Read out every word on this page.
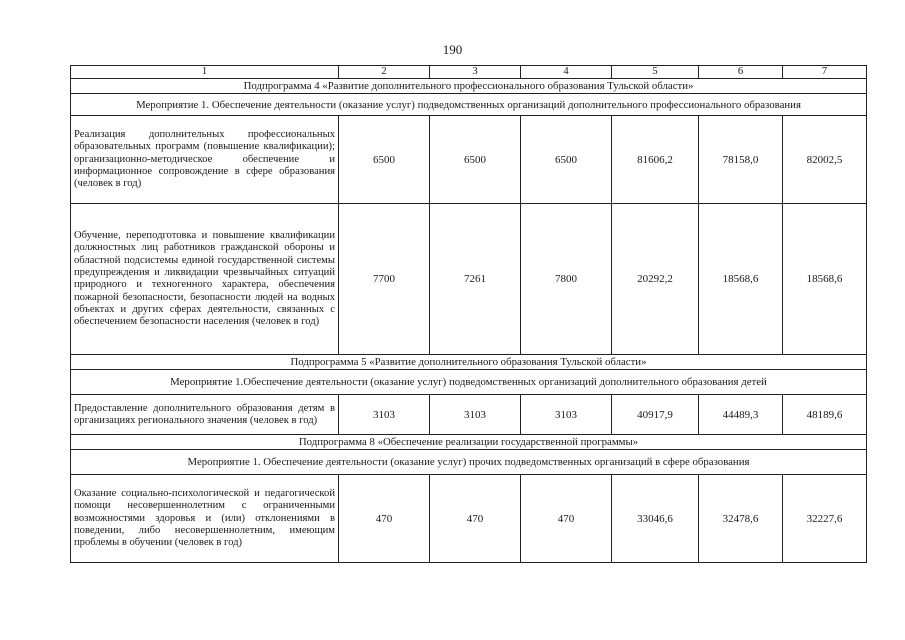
190
1	2	3	4	5	6	7
Подпрограмма 4 «Развитие дополнительного профессионального образования Тульской области»						
Мероприятие 1. Обеспечение деятельности (оказание услуг) подведомственных организаций дополнительного профессионального образования						
Реализация дополнительных профессиональных образовательных программ (повышение квалификации); организационно-методическое обеспечение и информационное сопровождение в сфере образования (человек в год)	6500	6500	6500	81606,2	78158,0	82002,5
Обучение, переподготовка и повышение квалификации должностных лиц работников гражданской обороны и областной подсистемы единой государственной системы предупреждения и ликвидации чрезвычайных ситуаций природного и техногенного характера, обеспечения пожарной безопасности, безопасности людей на водных объектах и других сферах деятельности, связанных с обеспечением безопасности населения (человек в год)	7700	7261	7800	20292,2	18568,6	18568,6
Подпрограмма 5 «Развитие дополнительного образования Тульской области»						
Мероприятие 1.Обеспечение деятельности (оказание услуг) подведомственных организаций дополнительного образования детей						
Предоставление дополнительного образования детям в организациях регионального значения (человек в год)	3103	3103	3103	40917,9	44489,3	48189,6
Подпрограмма 8 «Обеспечение реализации государственной программы»						
Мероприятие 1. Обеспечение деятельности (оказание услуг) прочих подведомственных организаций в сфере образования						
Оказание социально-психологической и педагогической помощи несовершеннолетним с ограниченными возможностями здоровья и (или) отклонениями в поведении, либо несовершеннолетним, имеющим проблемы в обучении (человек в год)	470	470	470	33046,6	32478,6	32227,6
